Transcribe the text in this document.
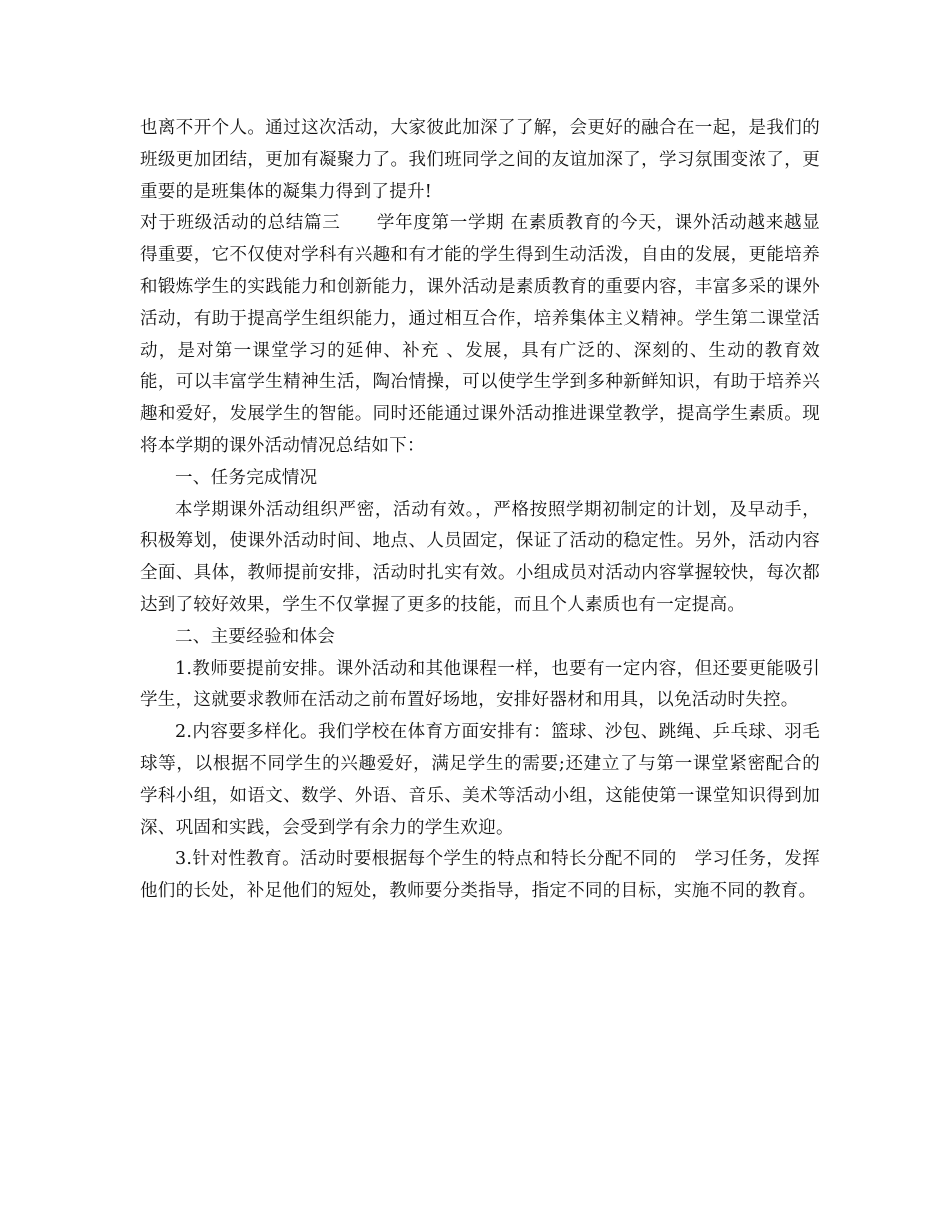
也离不开个人。通过这次活动，大家彼此加深了了解，会更好的融合在一起，是我们的班级更加团结，更加有凝聚力了。我们班同学之间的友谊加深了，学习氛围变浓了，更重要的是班集体的凝集力得到了提升!

对于班级活动的总结篇三　　学年度第一学期 在素质教育的今天，课外活动越来越显得重要，它不仅使对学科有兴趣和有才能的学生得到生动活泼，自由的发展，更能培养和锻炼学生的实践能力和创新能力，课外活动是素质教育的重要内容，丰富多采的课外活动，有助于提高学生组织能力，通过相互合作，培养集体主义精神。学生第二课堂活动，是对第一课堂学习的延伸、补充 、发展，具有广泛的、深刻的、生动的教育效能，可以丰富学生精神生活，陶冶情操，可以使学生学到多种新鲜知识，有助于培养兴趣和爱好，发展学生的智能。同时还能通过课外活动推进课堂教学，提高学生素质。现将本学期的课外活动情况总结如下：

一、任务完成情况

本学期课外活动组织严密，活动有效。，严格按照学期初制定的计划，及早动手，积极筹划，使课外活动时间、地点、人员固定，保证了活动的稳定性。另外，活动内容全面、具体，教师提前安排，活动时扎实有效。小组成员对活动内容掌握较快，每次都达到了较好效果，学生不仅掌握了更多的技能，而且个人素质也有一定提高。

二、主要经验和体会

1.教师要提前安排。课外活动和其他课程一样，也要有一定内容，但还要更能吸引学生，这就要求教师在活动之前布置好场地，安排好器材和用具，以免活动时失控。

2.内容要多样化。我们学校在体育方面安排有：篮球、沙包、跳绳、乒乓球、羽毛球等，以根据不同学生的兴趣爱好，满足学生的需要;还建立了与第一课堂紧密配合的学科小组，如语文、数学、外语、音乐、美术等活动小组，这能使第一课堂知识得到加深、巩固和实践，会受到学有余力的学生欢迎。

3.针对性教育。活动时要根据每个学生的特点和特长分配不同的　学习任务，发挥他们的长处，补足他们的短处，教师要分类指导，指定不同的目标，实施不同的教育。
